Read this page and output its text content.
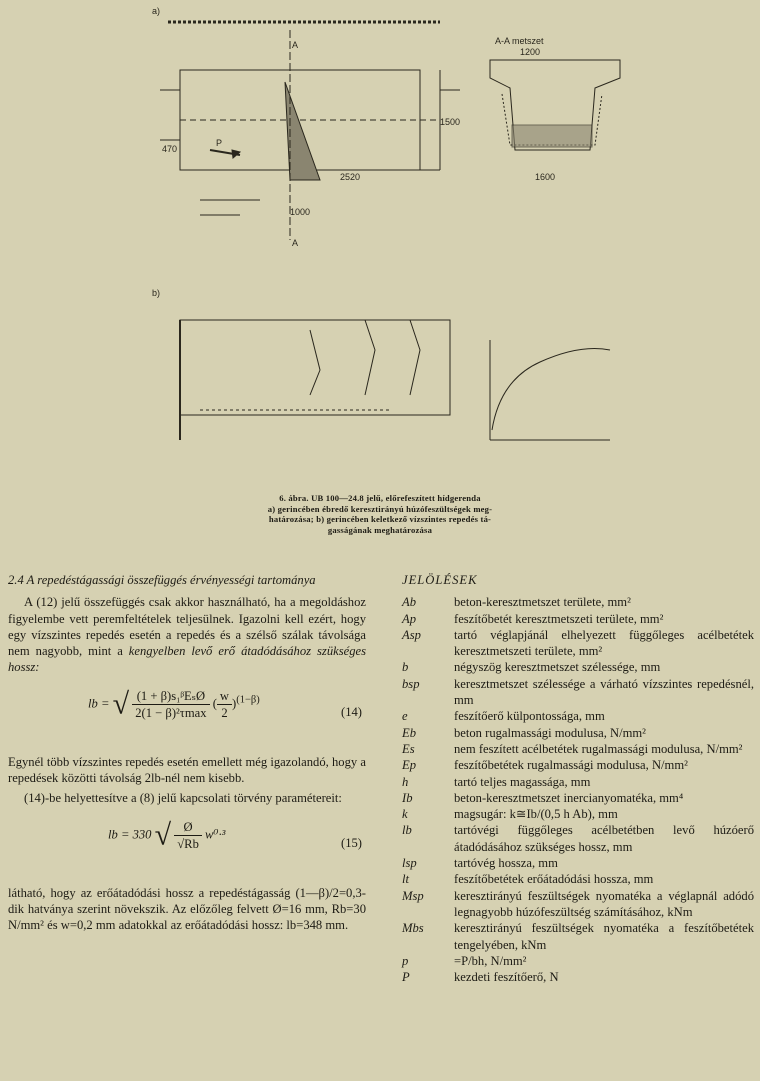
a)
b)
A-A metszet
A
A
1200
1500
2520
1000
1600
470
P
6. ábra. UB 100—24.8 jelű, előrefeszített hídgerenda
a) gerincében ébredő keresztirányú húzófeszültségek meg-
határozása; b) gerincében keletkező vízszintes repedés tá-
gasságának meghatározása
2.4 A repedéstágassági összefüggés érvényességi tartománya

A (12) jelű összefüggés csak akkor használható, ha a megoldáshoz figyelembe vett peremfeltételek teljesülnek. Igazolni kell ezért, hogy egy vízszintes repedés esetén a repedés és a szélső szálak távolsága nem nagyobb, mint a kengyelben levő erő átadódásához szükséges hossz:

lb = √ $\frac{\text{(1 + β)s₁ᵝEₛØ}}{\text{2(1 − β)²τmax}}$ ( $\frac{w}{2} )^{(1-\beta)}$
(14)

Egynél több vízszintes repedés esetén emellett még igazolandó, hogy a repedések közötti távolság 2lb-nél nem kisebb.

(14)-be helyettesítve a (8) jelű kapcsolati törvény paramétereit:

lb = 330 √ $\frac{Ø}{√Rb} w^0\cdot^3$
(15)

látható, hogy az erőátadódási hossz a repedéstágasság (1—β)/2=0,3-dik hatványa szerint növekszik. Az előzőleg felvett Ø=16 mm, Rb=30 N/mm² és w=0,2 mm adatokkal az erőátadódási hossz: lb=348 mm.

JELÖLÉSEK
Ab	beton-keresztmetszet területe, mm²
Ap	feszítőbetét keresztmetszeti területe, mm²
Asp	tartó véglapjánál elhelyezett függőleges acélbetétek keresztmetszeti területe, mm²
b	négyszög keresztmetszet szélessége, mm
bsp	keresztmetszet szélessége a várható vízszintes repedésnél, mm
e	feszítőerő külpontossága, mm
Eb	beton rugalmassági modulusa, N/mm²
Es	nem feszített acélbetétek rugalmassági modulusa, N/mm²
Ep	feszítőbetétek rugalmassági modulusa, N/mm²
h	tartó teljes magassága, mm
Ib	beton-keresztmetszet inercianyomatéka, mm⁴
k	magsugár: k≅Ib/(0,5 h Ab), mm
lb	tartóvégi függőleges acélbetétben levő húzóerő átadódásához szükséges hossz, mm
lsp	tartóvég hossza, mm
lt	feszítőbetétek erőátadódási hossza, mm
Msp	keresztirányú feszültségek nyomatéka a véglapnál adódó legnagyobb húzófeszültség számításához, kNm
Mbs	keresztirányú feszültségek nyomatéka a feszítőbetétek tengelyében, kNm
p	=P/bh, N/mm²
P	kezdeti feszítőerő, N
